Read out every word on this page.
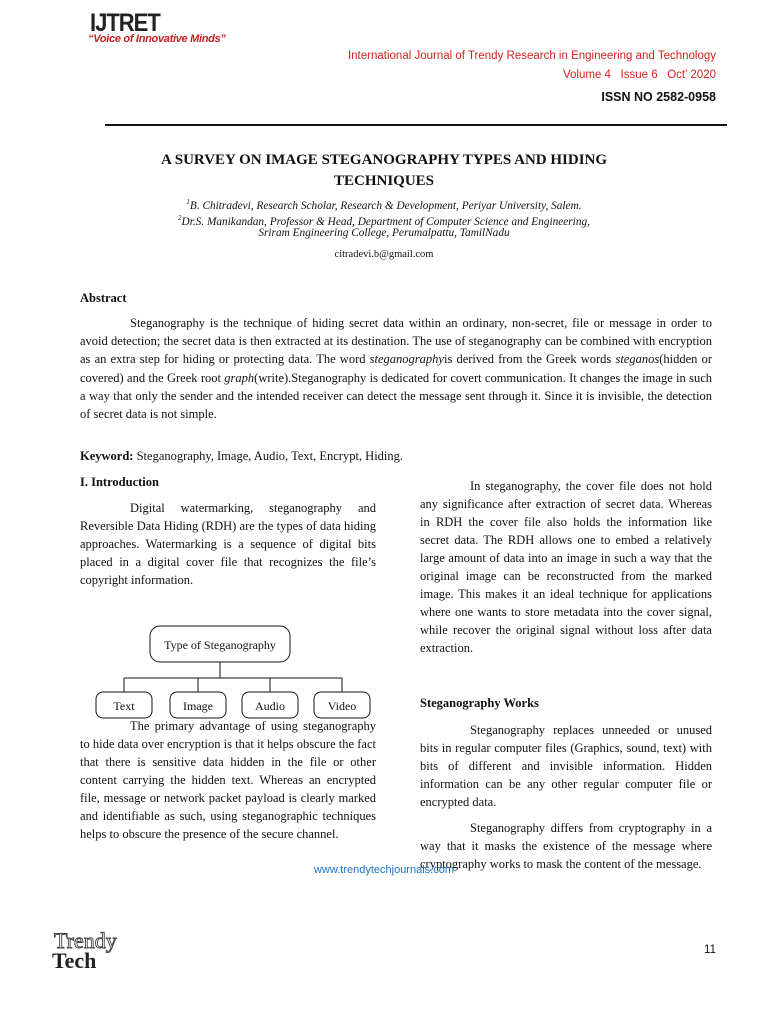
IJTRET
“Voice of Innovative Minds”
International Journal of Trendy Research in Engineering and Technology
Volume 4   Issue 6   Oct’ 2020
ISSN NO 2582-0958
A SURVEY ON IMAGE STEGANOGRAPHY TYPES AND HIDING
TECHNIQUES
$^1$B. Chitradevi, Research Scholar, Research & Development, Periyar University, Salem.
$^2$Dr.S. Manikandan, Professor & Head, Department of Computer Science and Engineering,
Sriram Engineering College, Perumalpattu, TamilNadu
citradevi.b@gmail.com
Abstract
Steganography is the technique of hiding secret data within an ordinary, non-secret, file or message in order to avoid detection; the secret data is then extracted at its destination. The use of steganography can be combined with encryption as an extra step for hiding or protecting data. The word steganographyis derived from the Greek words steganos(hidden or covered) and the Greek root graph(write).Steganography is dedicated for covert communication. It changes the image in such a way that only the sender and the intended receiver can detect the message sent through it. Since it is invisible, the detection of secret data is not simple.
Keyword: Steganography, Image, Audio, Text, Encrypt, Hiding.
I. Introduction
Digital watermarking, steganography and Reversible Data Hiding (RDH) are the types of data hiding approaches. Watermarking is a sequence of digital bits placed in a digital cover file that recognizes the file’s copyright information.
Type of Steganography
Text	Image	Audio	Video
The primary advantage of using steganography to hide data over encryption is that it helps obscure the fact that there is sensitive data hidden in the file or other content carrying the hidden text. Whereas an encrypted file, message or network packet payload is clearly marked and identifiable as such, using steganographic techniques helps to obscure the presence of the secure channel.
In steganography, the cover file does not hold any significance after extraction of secret data. Whereas in RDH the cover file also holds the information like secret data. The RDH allows one to embed a relatively large amount of data into an image in such a way that the original image can be reconstructed from the marked image. This makes it an ideal technique for applications where one wants to store metadata into the cover signal, while recover the original signal without loss after data extraction.
Steganography Works
Steganography replaces unneeded or unused bits in regular computer files (Graphics, sound, text) with bits of different and invisible information. Hidden information can be any other regular computer file or encrypted data.
Steganography differs from cryptography in a way that it masks the existence of the message where cryptography works to mask the content of the message.
www.trendytechjournals.com
Trendy
Tech	11
